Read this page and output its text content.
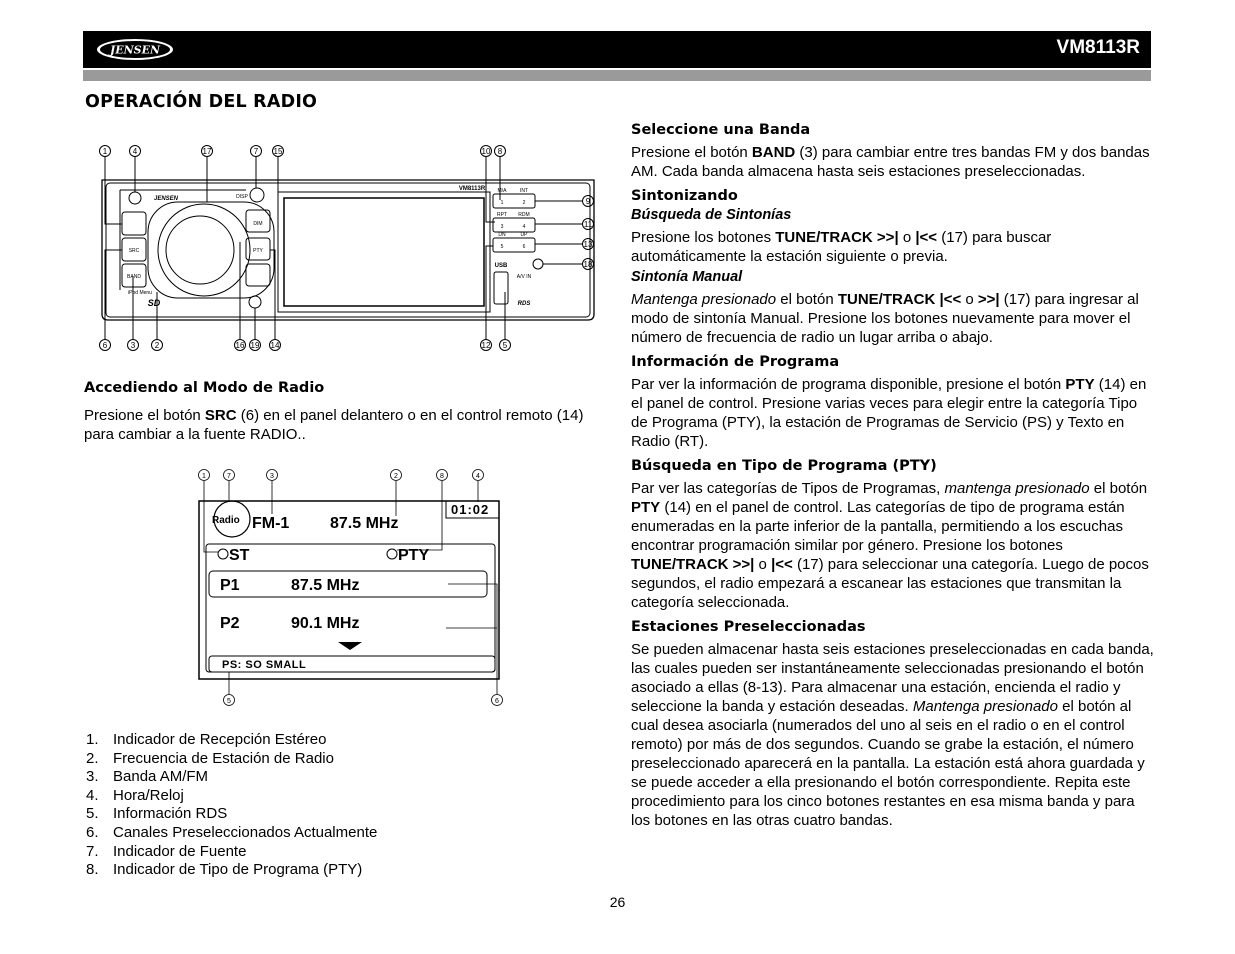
JENSEN	VM8113R
OPERACIÓN DEL RADIO
1	4	17	7 15	10 8
6	3 2	16 19 14	12 5
9
11
13
18
JENSEN
VM8113R
DISP
DIM
PTY
SRC
BAND
iPod Menu
SD
M/A	INT
1	2
RPT RDM
3	4
DN	UP
5	6
USB
A/V IN
RDS
Accediendo al Modo de Radio
Presione el botón SRC (6) en el panel delantero o en el control remoto (14) para cambiar a la fuente RADIO..
1	7	3	2	8	4
5	6
Radio FM-1	87.5 MHz
01:02
ST	PTY
P1	87.5 MHz
P2	90.1 MHz
PS: SO SMALL
1. Indicador de Recepción Estéreo
2. Frecuencia de Estación de Radio
3. Banda AM/FM
4. Hora/Reloj
5. Información RDS
6. Canales Preseleccionados Actualmente
7. Indicador de Fuente
8. Indicador de Tipo de Programa (PTY)
Seleccione una Banda
Presione el botón BAND (3) para cambiar entre tres bandas FM y dos bandas AM. Cada banda almacena hasta seis estaciones preseleccionadas.
Sintonizando
Búsqueda de Sintonías
Presione los botones TUNE/TRACK >>| o |<< (17) para buscar automáticamente la estación siguiente o previa.
Sintonía Manual
Mantenga presionado el botón TUNE/TRACK |<< o >>| (17) para ingresar al modo de sintonía Manual. Presione los botones nuevamente para mover el número de frecuencia de radio un lugar arriba o abajo.
Información de Programa
Par ver la información de programa disponible, presione el botón PTY (14) en el panel de control. Presione varias veces para elegir entre la categoría Tipo de Programa (PTY), la estación de Programas de Servicio (PS) y Texto en Radio (RT).
Búsqueda en Tipo de Programa (PTY)
Par ver las categorías de Tipos de Programas, mantenga presionado el botón PTY (14) en el panel de control. Las categorías de tipo de programa están enumeradas en la parte inferior de la pantalla, permitiendo a los escuchas encontrar programación similar por género. Presione los botones TUNE/TRACK >>| o |<< (17) para seleccionar una categoría. Luego de pocos segundos, el radio empezará a escanear las estaciones que transmitan la categoría seleccionada.
Estaciones Preseleccionadas
Se pueden almacenar hasta seis estaciones preseleccionadas en cada banda, las cuales pueden ser instantáneamente seleccionadas presionando el botón asociado a ellas (8-13). Para almacenar una estación, encienda el radio y seleccione la banda y estación deseadas. Mantenga presionado el botón al cual desea asociarla (numerados del uno al seis en el radio o en el control remoto) por más de dos segundos. Cuando se grabe la estación, el número preseleccionado aparecerá en la pantalla. La estación está ahora guardada y se puede acceder a ella presionando el botón correspondiente. Repita este procedimiento para los cinco botones restantes en esa misma banda y para los botones en las otras cuatro bandas.
26
